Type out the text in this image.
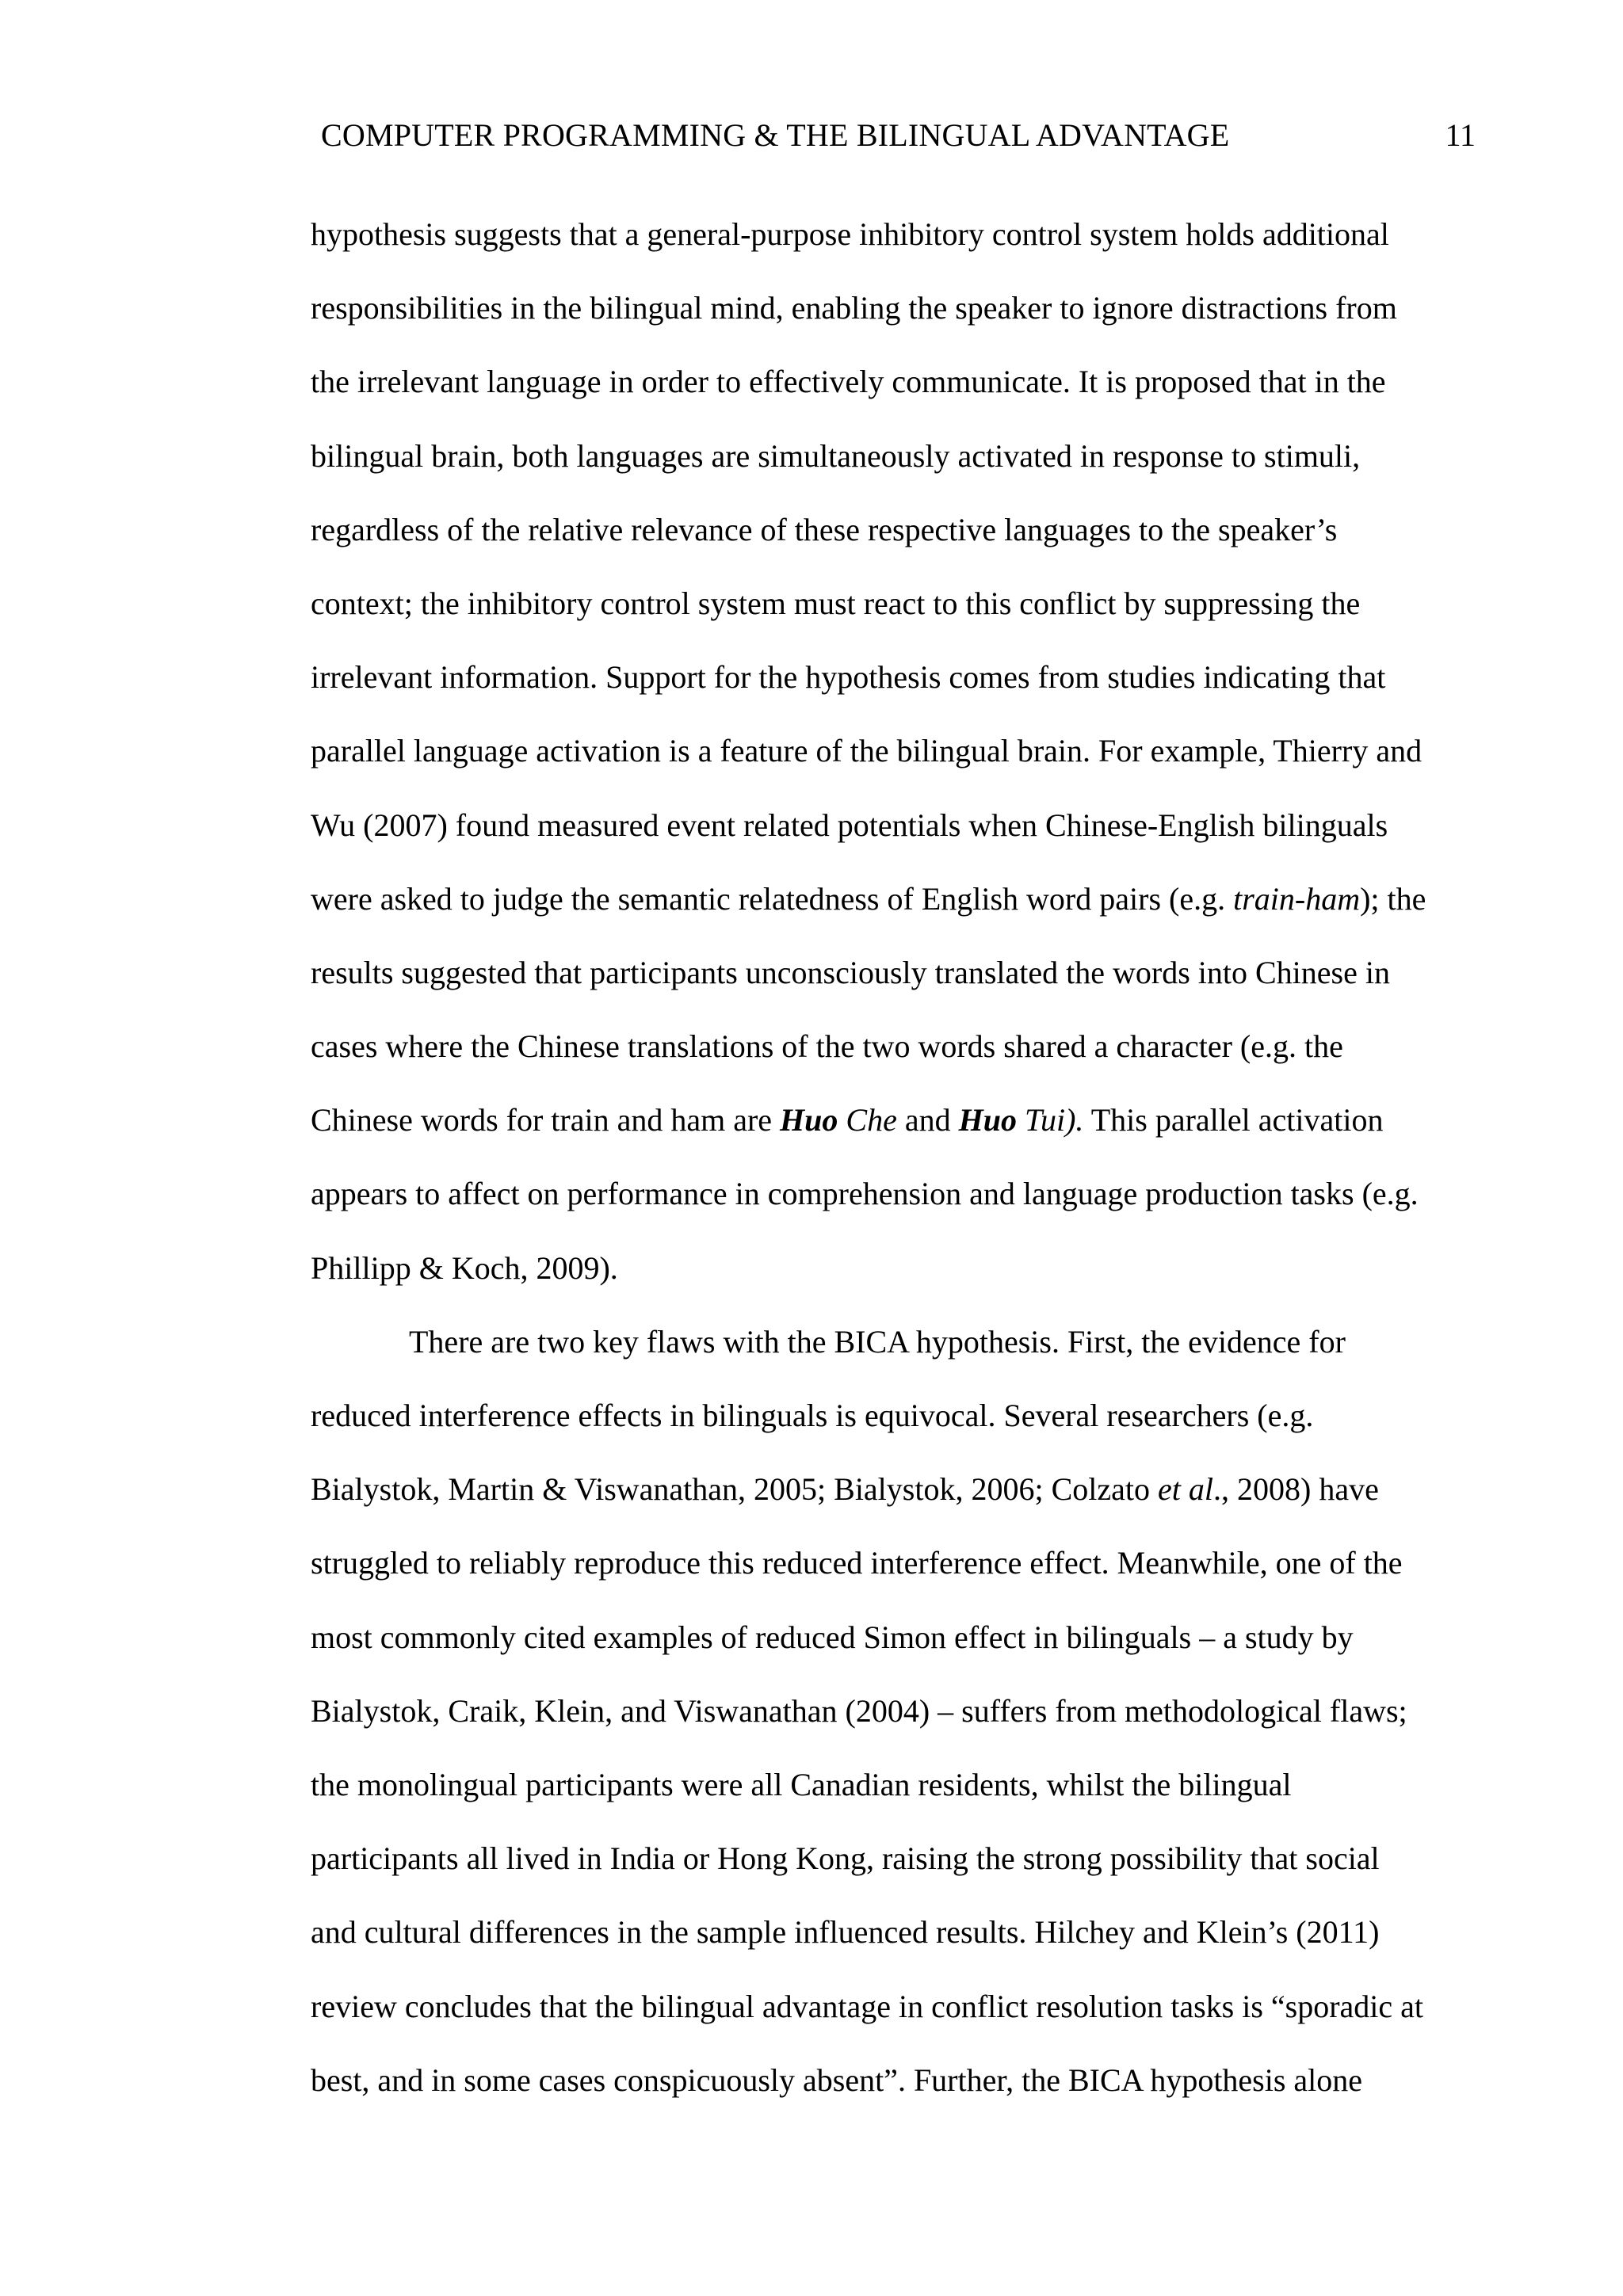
COMPUTER PROGRAMMING & THE BILINGUAL ADVANTAGE	11
hypothesis suggests that a general-purpose inhibitory control system holds additional
responsibilities in the bilingual mind, enabling the speaker to ignore distractions from
the irrelevant language in order to effectively communicate. It is proposed that in the
bilingual brain, both languages are simultaneously activated in response to stimuli,
regardless of the relative relevance of these respective languages to the speaker’s
context; the inhibitory control system must react to this conflict by suppressing the
irrelevant information. Support for the hypothesis comes from studies indicating that
parallel language activation is a feature of the bilingual brain. For example, Thierry and
Wu (2007) found measured event related potentials when Chinese-English bilinguals
were asked to judge the semantic relatedness of English word pairs (e.g. train-ham); the
results suggested that participants unconsciously translated the words into Chinese in
cases where the Chinese translations of the two words shared a character (e.g. the
Chinese words for train and ham are Huo Che and Huo Tui). This parallel activation
appears to affect on performance in comprehension and language production tasks (e.g.
Phillipp & Koch, 2009).
There are two key flaws with the BICA hypothesis. First, the evidence for
reduced interference effects in bilinguals is equivocal. Several researchers (e.g.
Bialystok, Martin & Viswanathan, 2005; Bialystok, 2006; Colzato et al., 2008) have
struggled to reliably reproduce this reduced interference effect. Meanwhile, one of the
most commonly cited examples of reduced Simon effect in bilinguals – a study by
Bialystok, Craik, Klein, and Viswanathan (2004) – suffers from methodological flaws;
the monolingual participants were all Canadian residents, whilst the bilingual
participants all lived in India or Hong Kong, raising the strong possibility that social
and cultural differences in the sample influenced results. Hilchey and Klein’s (2011)
review concludes that the bilingual advantage in conflict resolution tasks is “sporadic at
best, and in some cases conspicuously absent”. Further, the BICA hypothesis alone
